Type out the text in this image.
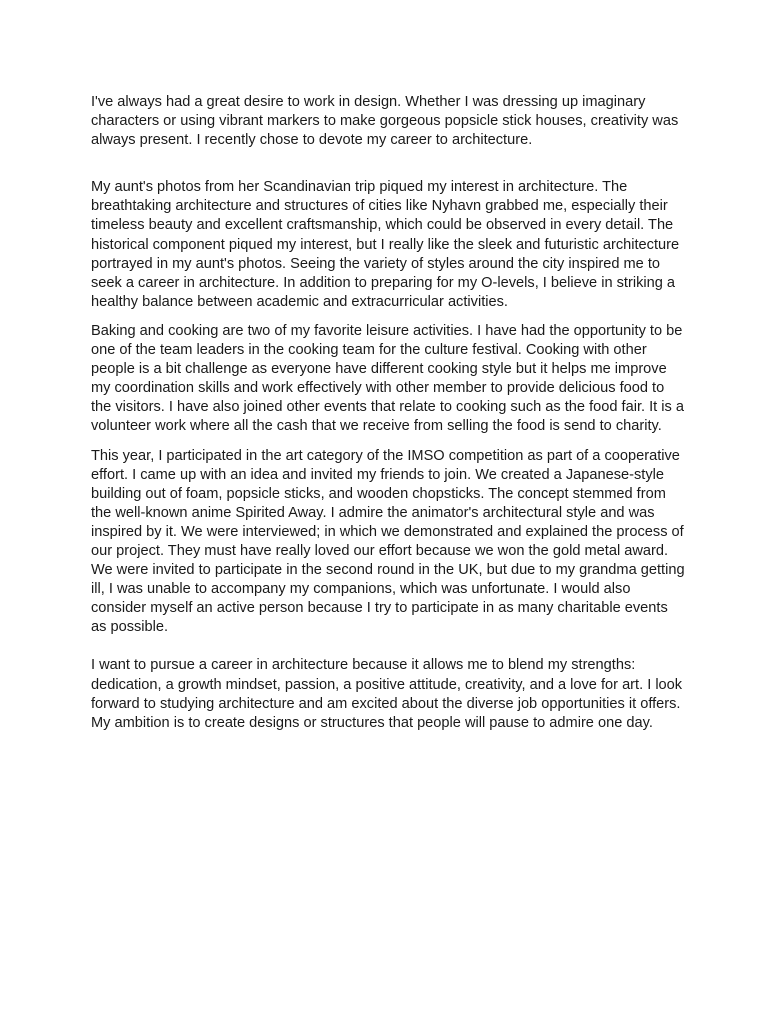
I've always had a great desire to work in design. Whether I was dressing up imaginary characters or using vibrant markers to make gorgeous popsicle stick houses, creativity was always present. I recently chose to devote my career to architecture.

My aunt's photos from her Scandinavian trip piqued my interest in architecture. The breathtaking architecture and structures of cities like Nyhavn grabbed me, especially their timeless beauty and excellent craftsmanship, which could be observed in every detail. The historical component piqued my interest, but I really like the sleek and futuristic architecture portrayed in my aunt's photos. Seeing the variety of styles around the city inspired me to seek a career in architecture. In addition to preparing for my O-levels, I believe in striking a healthy balance between academic and extracurricular activities.

Baking and cooking are two of my favorite leisure activities. I have had the opportunity to be one of the team leaders in the cooking team for the culture festival. Cooking with other people is a bit challenge as everyone have different cooking style but it helps me improve my coordination skills and work effectively with other member to provide delicious food to the visitors. I have also joined other events that relate to cooking such as the food fair. It is a volunteer work where all the cash that we receive from selling the food is send to charity.

This year, I participated in the art category of the IMSO competition as part of a cooperative effort. I came up with an idea and invited my friends to join. We created a Japanese-style building out of foam, popsicle sticks, and wooden chopsticks. The concept stemmed from the well-known anime Spirited Away. I admire the animator's architectural style and was inspired by it. We were interviewed; in which we demonstrated and explained the process of our project. They must have really loved our effort because we won the gold metal award. We were invited to participate in the second round in the UK, but due to my grandma getting ill, I was unable to accompany my companions, which was unfortunate. I would also consider myself an active person because I try to participate in as many charitable events as possible.

I want to pursue a career in architecture because it allows me to blend my strengths: dedication, a growth mindset, passion, a positive attitude, creativity, and a love for art. I look forward to studying architecture and am excited about the diverse job opportunities it offers. My ambition is to create designs or structures that people will pause to admire one day.
